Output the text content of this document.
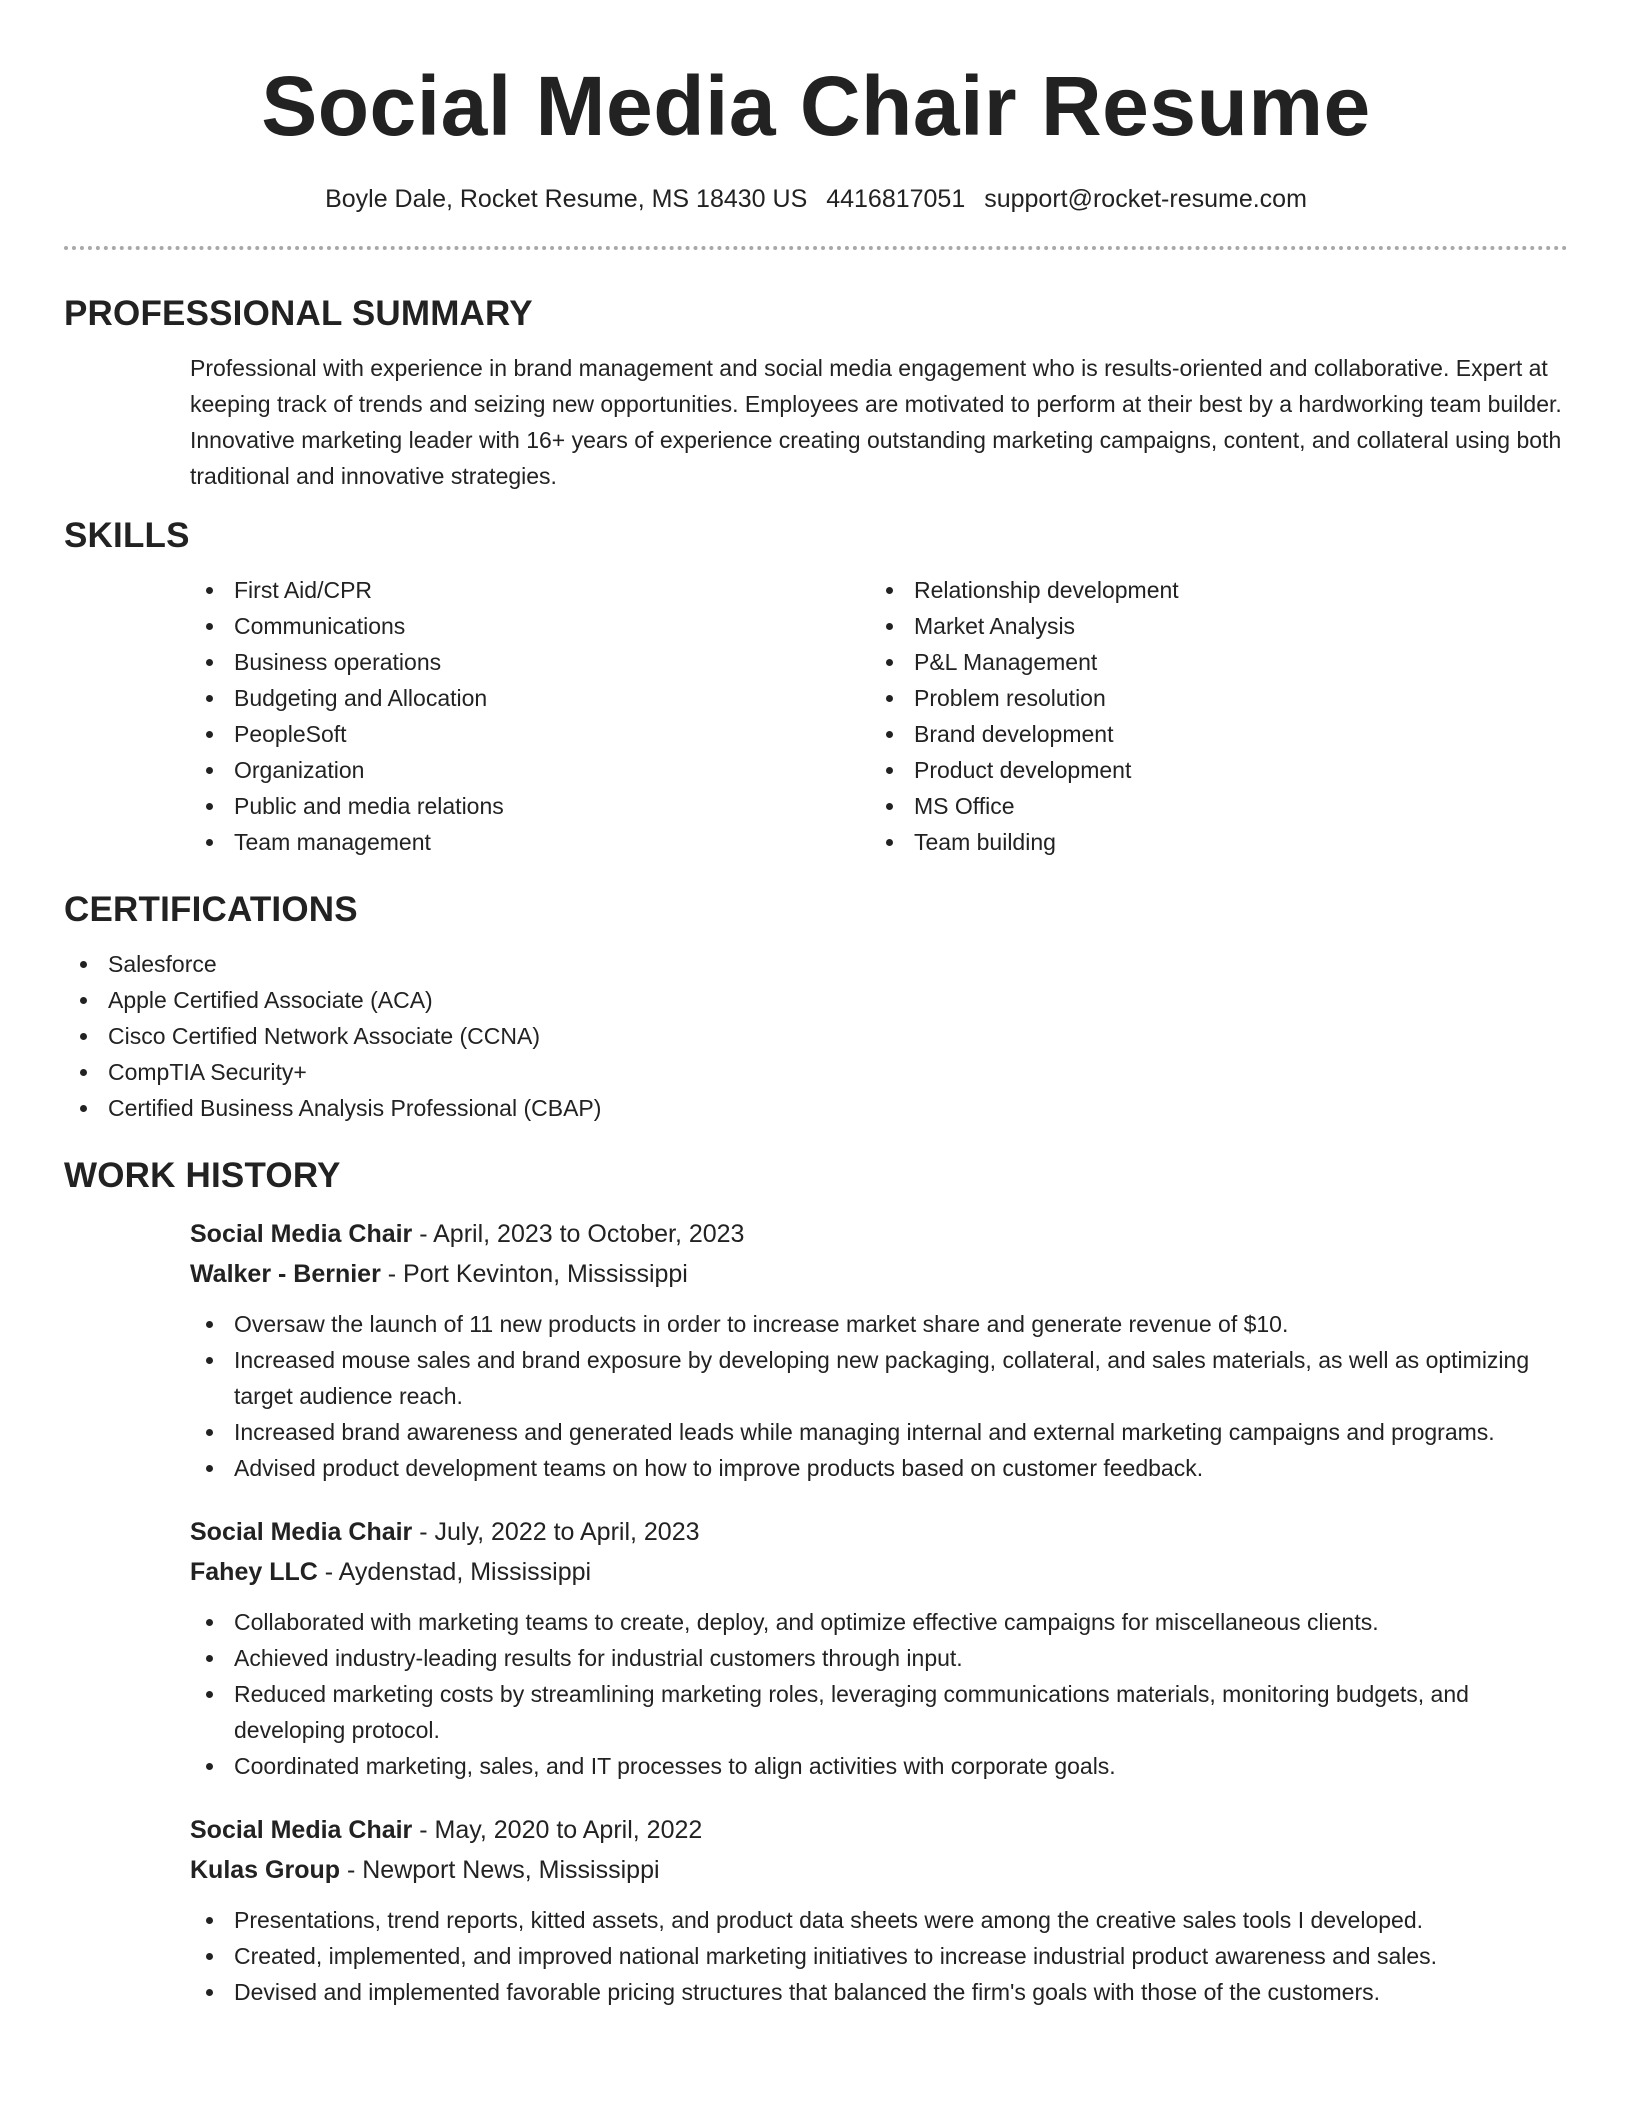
Social Media Chair Resume
Boyle Dale, Rocket Resume, MS 18430 US 4416817051 support@rocket-resume.com
PROFESSIONAL SUMMARY

Professional with experience in brand management and social media engagement who is results-oriented and collaborative. Expert at keeping track of trends and seizing new opportunities. Employees are motivated to perform at their best by a hardworking team builder. Innovative marketing leader with 16+ years of experience creating outstanding marketing campaigns, content, and collateral using both traditional and innovative strategies.

SKILLS
First Aid/CPR
Communications
Business operations
Budgeting and Allocation
PeopleSoft
Organization
Public and media relations
Team management
Relationship development
Market Analysis
P&L Management
Problem resolution
Brand development
Product development
MS Office
Team building
CERTIFICATIONS
Salesforce
Apple Certified Associate (ACA)
Cisco Certified Network Associate (CCNA)
CompTIA Security+
Certified Business Analysis Professional (CBAP)
WORK HISTORY
Social Media Chair - April, 2023 to October, 2023
Walker - Bernier - Port Kevinton, Mississippi
Oversaw the launch of 11 new products in order to increase market share and generate revenue of $10.
Increased mouse sales and brand exposure by developing new packaging, collateral, and sales materials, as well as optimizing target audience reach.
Increased brand awareness and generated leads while managing internal and external marketing campaigns and programs.
Advised product development teams on how to improve products based on customer feedback.
Social Media Chair - July, 2022 to April, 2023
Fahey LLC - Aydenstad, Mississippi
Collaborated with marketing teams to create, deploy, and optimize effective campaigns for miscellaneous clients.
Achieved industry-leading results for industrial customers through input.
Reduced marketing costs by streamlining marketing roles, leveraging communications materials, monitoring budgets, and developing protocol.
Coordinated marketing, sales, and IT processes to align activities with corporate goals.
Social Media Chair - May, 2020 to April, 2022
Kulas Group - Newport News, Mississippi
Presentations, trend reports, kitted assets, and product data sheets were among the creative sales tools I developed.
Created, implemented, and improved national marketing initiatives to increase industrial product awareness and sales.
Devised and implemented favorable pricing structures that balanced the firm's goals with those of the customers.
